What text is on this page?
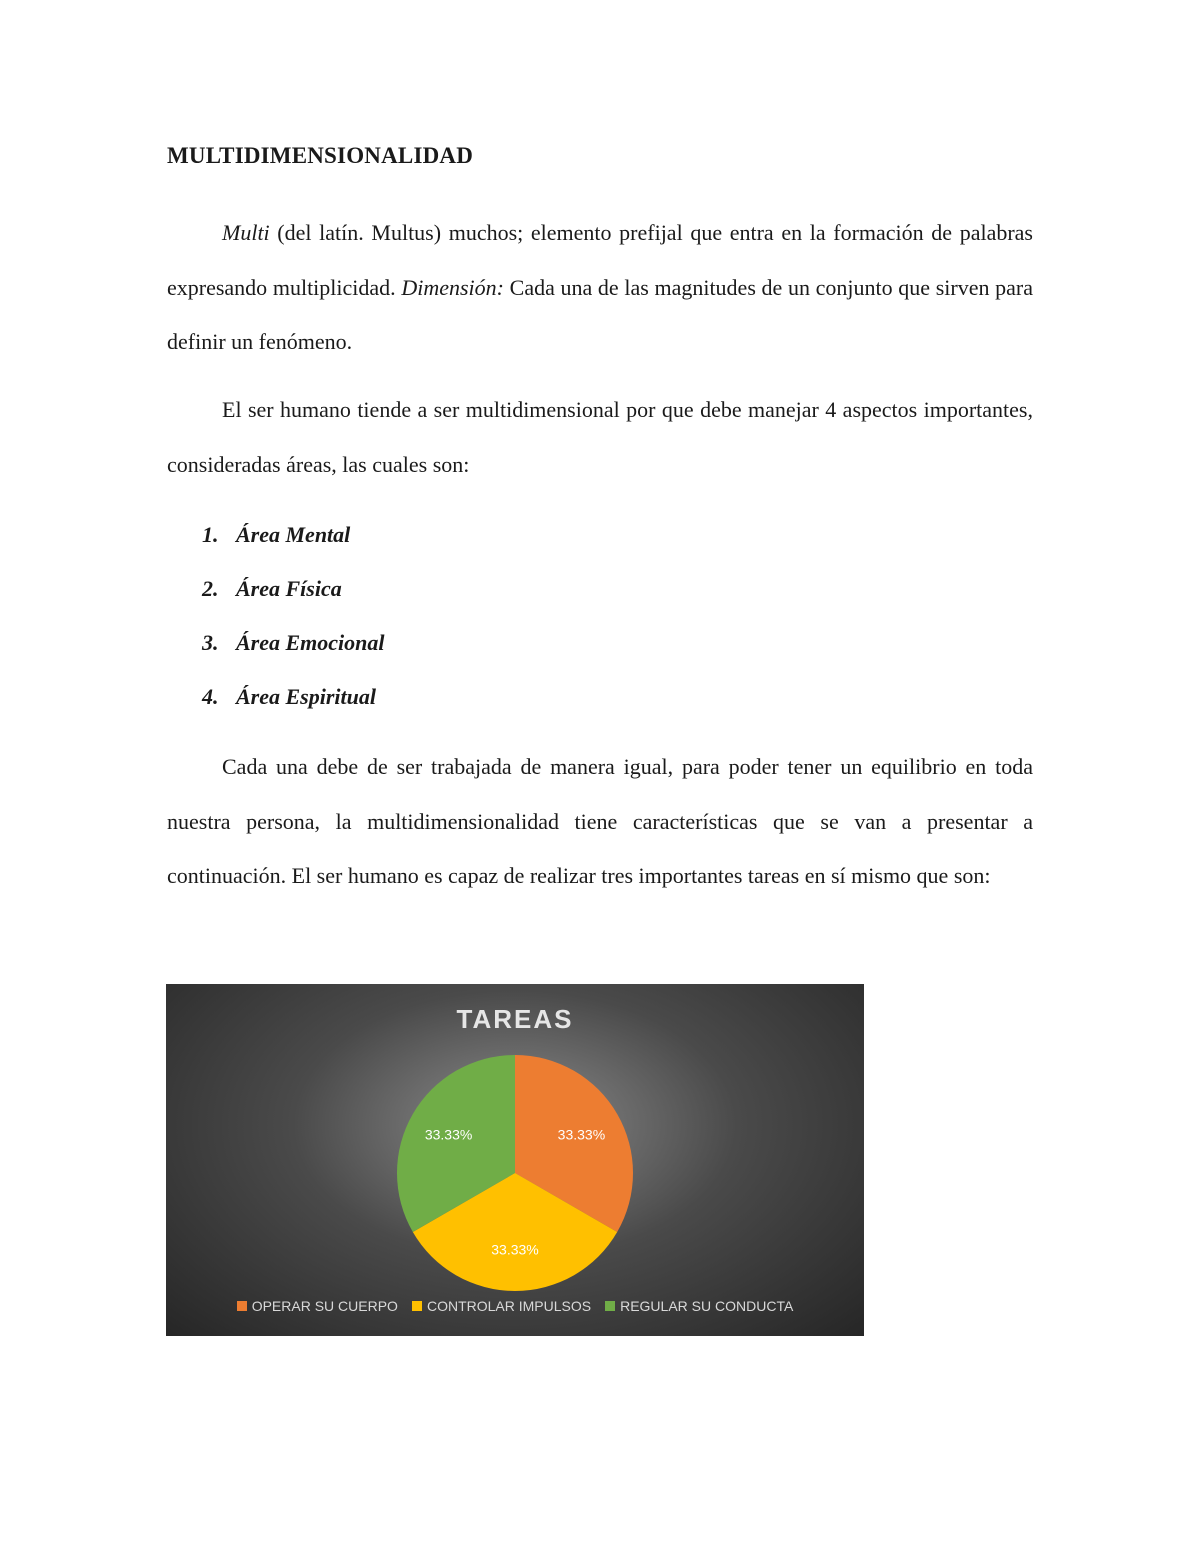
MULTIDIMENSIONALIDAD

Multi (del latín. Multus) muchos; elemento prefijal que entra en la formación de palabras expresando multiplicidad. Dimensión: Cada una de las magnitudes de un conjunto que sirven para definir un fenómeno.

El ser humano tiende a ser multidimensional por que debe manejar 4 aspectos importantes, consideradas áreas, las cuales son:

1. Área Mental
2. Área Física
3. Área Emocional
4. Área Espiritual

Cada una debe de ser trabajada de manera igual, para poder tener un equilibrio en toda nuestra persona, la multidimensionalidad tiene características que se van a presentar a continuación. El ser humano es capaz de realizar tres importantes tareas en sí mismo que son:

TAREAS
33.33%
33.33%
33.33%
OPERAR SU CUERPO CONTROLAR IMPULSOS REGULAR SU CONDUCTA
